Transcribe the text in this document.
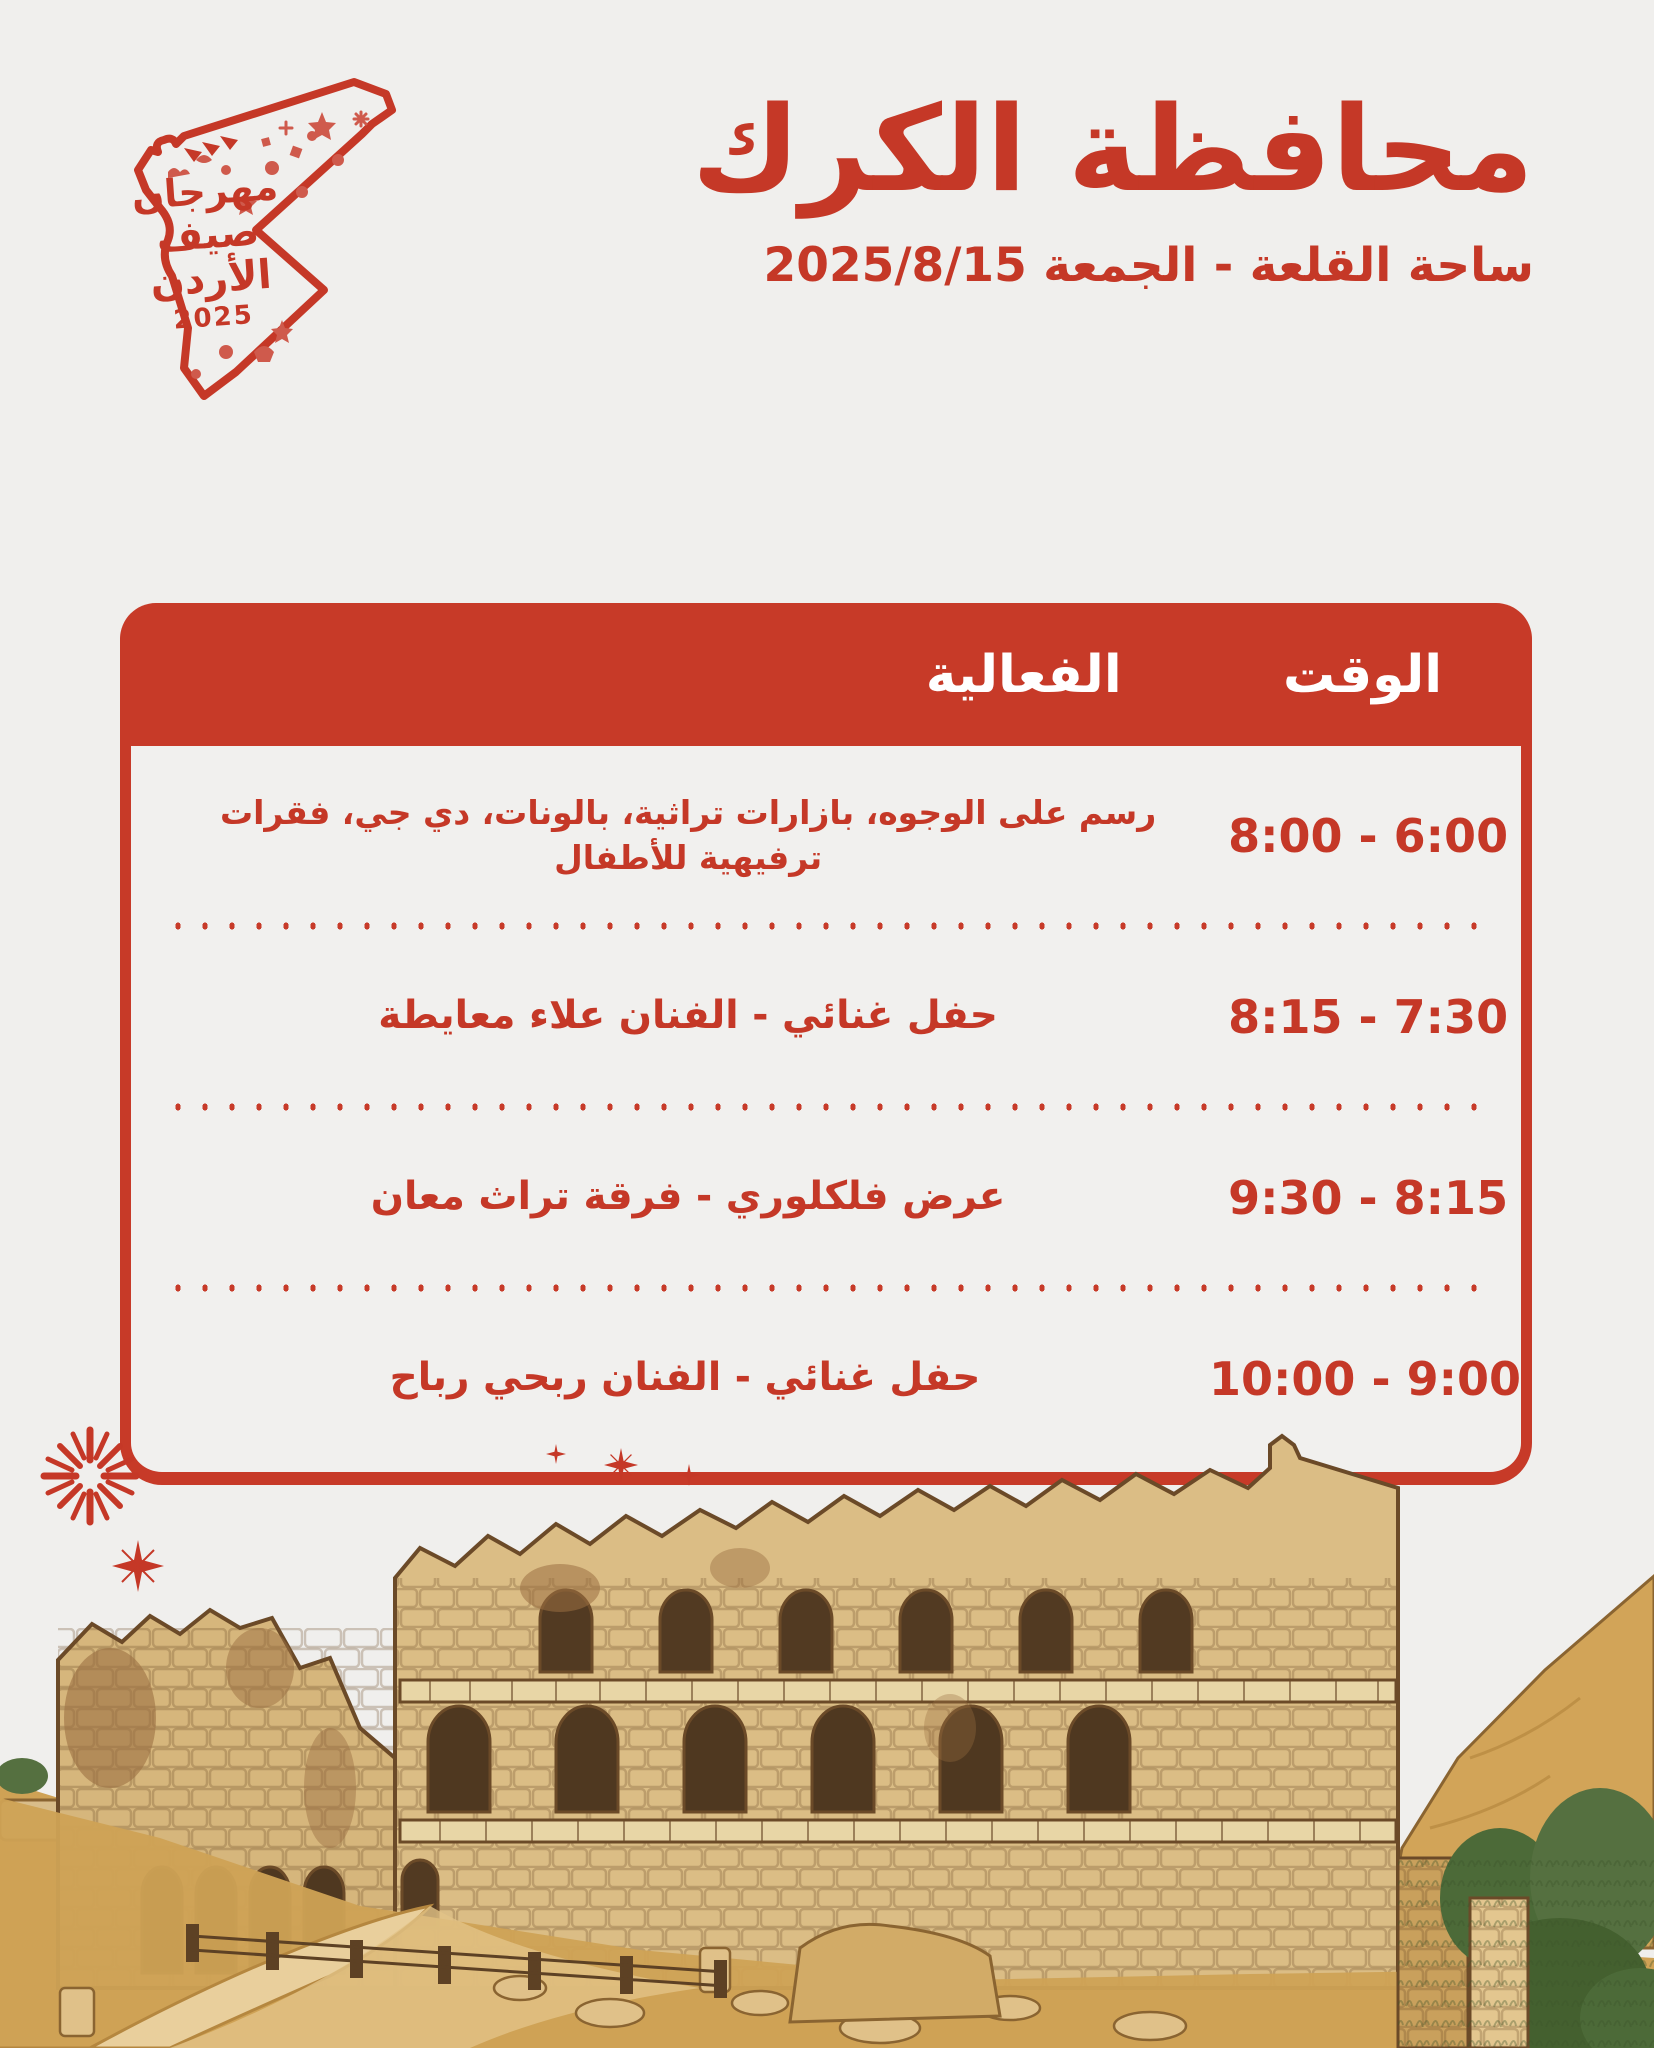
مهرجان
صيف
الأردن
2025
محافظة الكرك
ساحة القلعة - الجمعة 2025/8/15
الوقت
الفعالية
6:00 - 8:00
رسم على الوجوه، بازارات تراثية، بالونات، دي جي، فقرات ترفيهية للأطفال
7:30 - 8:15
حفل غنائي - الفنان علاء معايطة
8:15 - 9:30
عرض فلكلوري - فرقة تراث معان
9:00 - 10:00
حفل غنائي - الفنان ربحي رباح
